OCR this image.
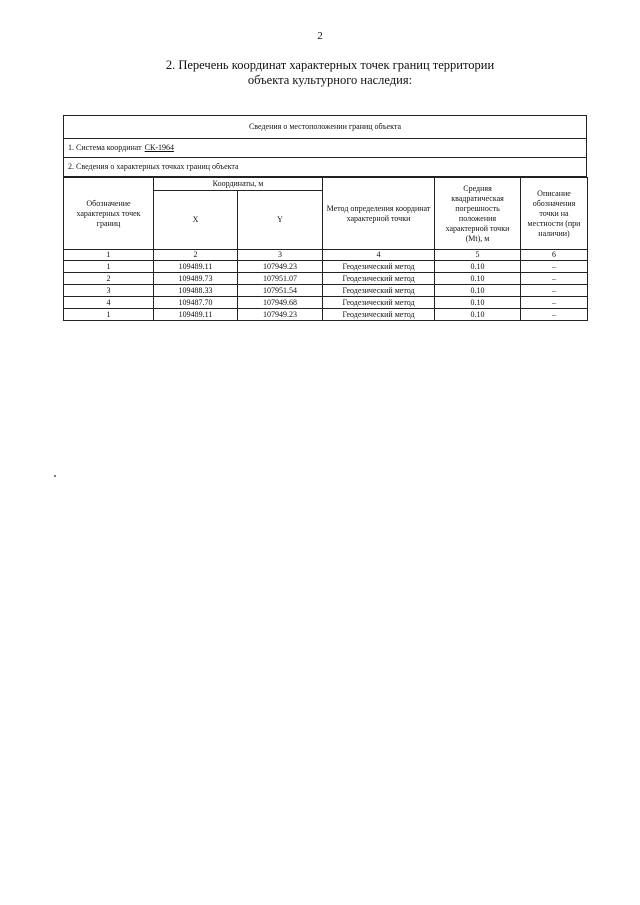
2
2. Перечень координат характерных точек границ территории
объекта культурного наследия:
Сведения о местоположении границ объекта
1. Система координат СК-1964
2. Сведения о характерных точках границ объекта
Обозначение характерных точек границ	Координаты, м		Метод определения координат характерной точки	Средняя квадратическая погрешность положения характерной точки (Mt), м	Описание обозначения точки на местности (при наличии)
	X	Y			
1	2	3	4	5	6
1	109489.11	107949.23	Геодезический метод	0.10	–
2	109489.73	107951.07	Геодезический метод	0.10	–
3	109488.33	107951.54	Геодезический метод	0.10	–
4	109487.70	107949.68	Геодезический метод	0.10	–
1	109489.11	107949.23	Геодезический метод	0.10	–
